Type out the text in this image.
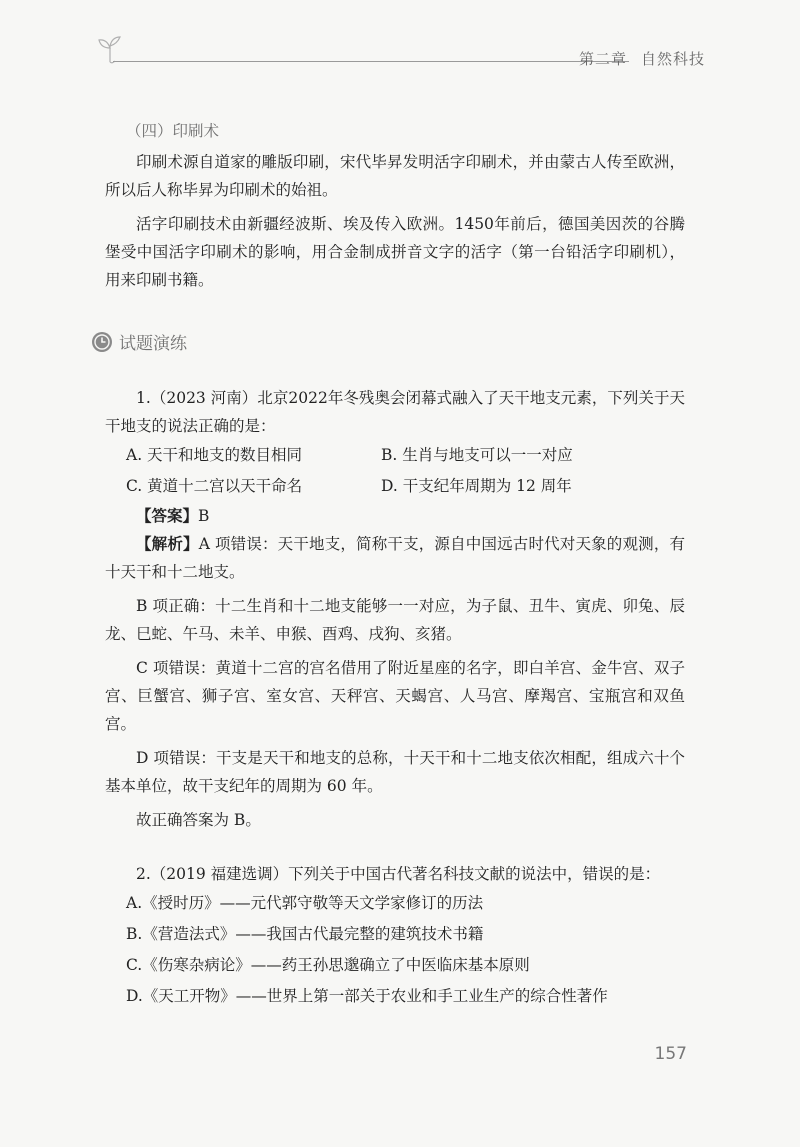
第二章 自然科技
（四）印刷术

印刷术源自道家的雕版印刷，宋代毕昇发明活字印刷术，并由蒙古人传至欧洲，所以后人称毕昇为印刷术的始祖。

活字印刷技术由新疆经波斯、埃及传入欧洲。1450年前后，德国美因茨的谷腾堡受中国活字印刷术的影响，用合金制成拼音文字的活字（第一台铅活字印刷机），用来印刷书籍。

试题演练

1.（2023 河南）北京2022年冬残奥会闭幕式融入了天干地支元素，下列关于天干地支的说法正确的是：

A. 天干和地支的数目相同	B. 生肖与地支可以一一对应
C. 黄道十二宫以天干命名	D. 干支纪年周期为 12 周年

【答案】B

【解析】A 项错误：天干地支，简称干支，源自中国远古时代对天象的观测，有十天干和十二地支。

B 项正确：十二生肖和十二地支能够一一对应，为子鼠、丑牛、寅虎、卯兔、辰龙、巳蛇、午马、未羊、申猴、酉鸡、戌狗、亥猪。

C 项错误：黄道十二宫的宫名借用了附近星座的名字，即白羊宫、金牛宫、双子宫、巨蟹宫、狮子宫、室女宫、天秤宫、天蝎宫、人马宫、摩羯宫、宝瓶宫和双鱼宫。

D 项错误：干支是天干和地支的总称，十天干和十二地支依次相配，组成六十个基本单位，故干支纪年的周期为 60 年。

故正确答案为 B。

2.（2019 福建选调）下列关于中国古代著名科技文献的说法中，错误的是：

A.《授时历》——元代郭守敬等天文学家修订的历法
B.《营造法式》——我国古代最完整的建筑技术书籍
C.《伤寒杂病论》——药王孙思邈确立了中医临床基本原则
D.《天工开物》——世界上第一部关于农业和手工业生产的综合性著作
157
